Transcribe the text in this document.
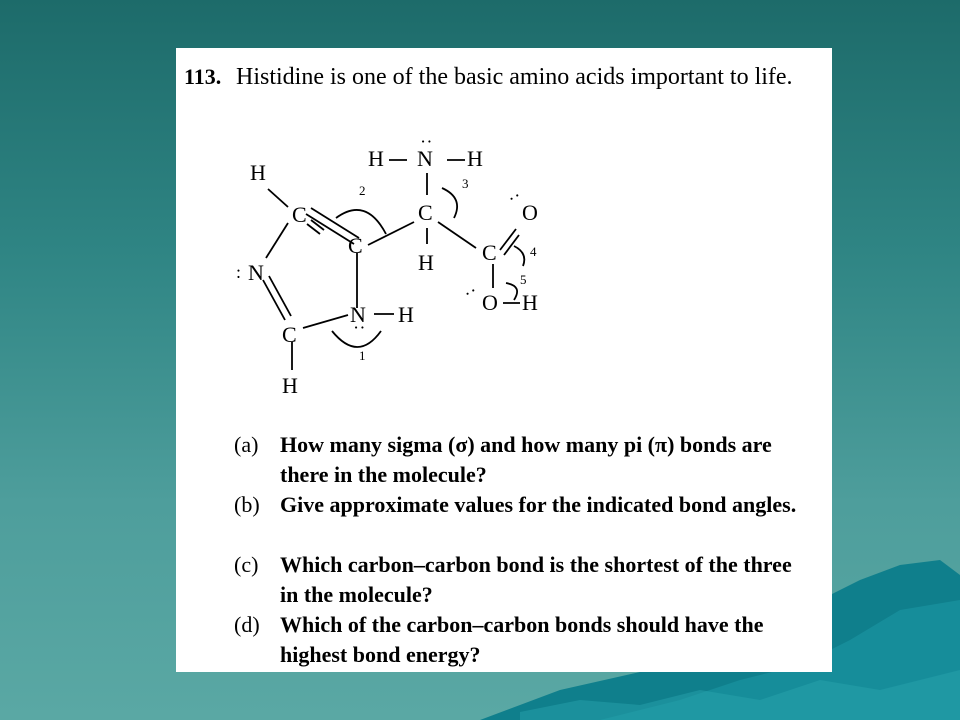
113. Histidine is one of the basic amino acids important to life.
H N H
:
C
H C
O
:
O H
:
H
C
C
N
:
C
H
N H
:
1
2	3
4
5
(a) How many sigma (σ) and how many pi (π) bonds are there in the molecule?
(b) Give approximate values for the indicated bond angles.
(c) Which carbon–carbon bond is the shortest of the three in the molecule?
(d) Which of the carbon–carbon bonds should have the highest bond energy?
